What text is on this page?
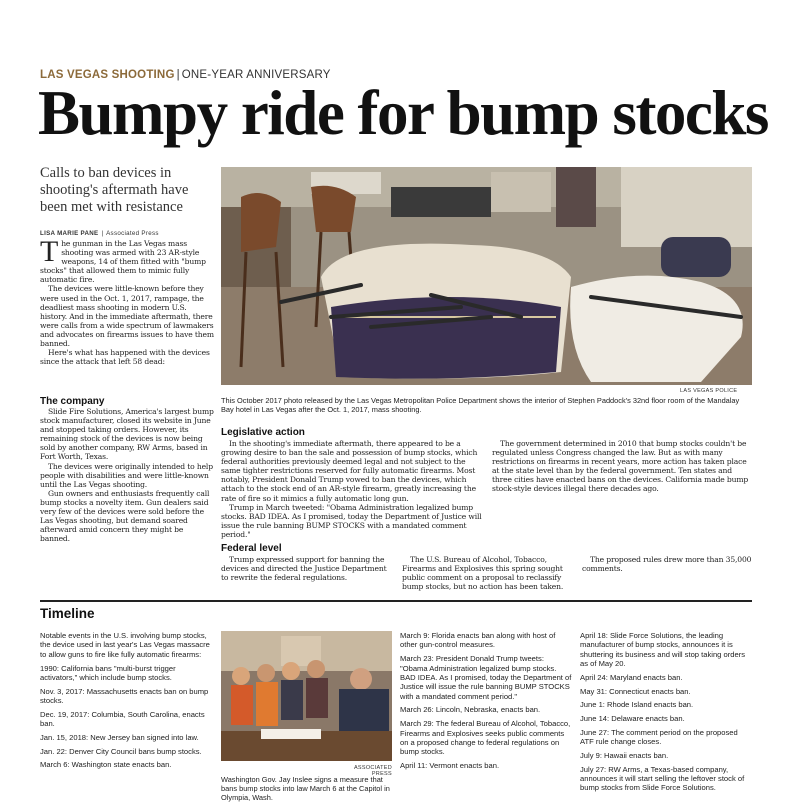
LAS VEGAS SHOOTING | ONE-YEAR ANNIVERSARY
Bumpy ride for bump stocks
Calls to ban devices in shooting's aftermath have been met with resistance
LISA MARIE PANE | Associated Press

The gunman in the Las Vegas mass shooting was armed with 23 AR-style weapons, 14 of them fitted with "bump stocks" that allowed them to mimic fully automatic fire.

The devices were little-known before they were used in the Oct. 1, 2017, rampage, the deadliest mass shooting in modern U.S. history. And in the immediate aftermath, there were calls from a wide spectrum of lawmakers and advocates on firearms issues to have them banned.

Here's what has happened with the devices since the attack that left 58 dead:

The company

Slide Fire Solutions, America's largest bump stock manufacturer, closed its website in June and stopped taking orders. However, its remaining stock of the devices is now being sold by another company, RW Arms, based in Fort Worth, Texas.

The devices were originally intended to help people with disabilities and were little-known until the Las Vegas shooting.

Gun owners and enthusiasts frequently call bump stocks a novelty item. Gun dealers said very few of the devices were sold before the Las Vegas shooting, but demand soared afterward amid concern they might be banned.

LAS VEGAS POLICE
This October 2017 photo released by the Las Vegas Metropolitan Police Department shows the interior of Stephen Paddock's 32nd floor room of the Mandalay Bay hotel in Las Vegas after the Oct. 1, 2017, mass shooting.
Legislative action

In the shooting's immediate aftermath, there appeared to be a growing desire to ban the sale and possession of bump stocks, which federal authorities previously deemed legal and not subject to the same tighter restrictions reserved for fully automatic firearms. Most notably, President Donald Trump vowed to ban the devices, which attach to the stock end of an AR-style firearm, greatly increasing the rate of fire so it mimics a fully automatic long gun.

Trump in March tweeted: "Obama Administration legalized bump stocks. BAD IDEA. As I promised, today the Department of Justice will issue the rule banning BUMP STOCKS with a mandated comment period."

The government determined in 2010 that bump stocks couldn't be regulated unless Congress changed the law. But as with many restrictions on firearms in recent years, more action has taken place at the state level than by the federal government. Ten states and three cities have enacted bans on the devices. California made bump stock-style devices illegal there decades ago.

Federal level

Trump expressed support for banning the devices and directed the Justice Department to rewrite the federal regulations.

The U.S. Bureau of Alcohol, Tobacco, Firearms and Explosives this spring sought public comment on a proposal to reclassify bump stocks, but no action has been taken.

The proposed rules drew more than 35,000 comments.

Timeline

Notable events in the U.S. involving bump stocks, the device used in last year's Las Vegas massacre to allow guns to fire like fully automatic firearms:

1990: California bans "multi-burst trigger activators," which include bump stocks.

Nov. 3, 2017: Massachusetts enacts ban on bump stocks.

Dec. 19, 2017: Columbia, South Carolina, enacts ban.

Jan. 15, 2018: New Jersey ban signed into law.

Jan. 22: Denver City Council bans bump stocks.

March 6: Washington state enacts ban.	ASSOCIATED PRESS
Washington Gov. Jay Inslee signs a measure that bans bump stocks into law March 6 at the Capitol in Olympia, Wash.

March 9: Florida enacts ban along with host of other gun-control measures.

March 23: President Donald Trump tweets: "Obama Administration legalized bump stocks. BAD IDEA. As I promised, today the Department of Justice will issue the rule banning BUMP STOCKS with a mandated comment period."

March 26: Lincoln, Nebraska, enacts ban.

March 29: The federal Bureau of Alcohol, Tobacco, Firearms and Explosives seeks public comments on a proposed change to federal regulations on bump stocks.

April 11: Vermont enacts ban.

April 18: Slide Force Solutions, the leading manufacturer of bump stocks, announces it is shuttering its business and will stop taking orders as of May 20.

April 24: Maryland enacts ban.

May 31: Connecticut enacts ban.

June 1: Rhode Island enacts ban.

June 14: Delaware enacts ban.

June 27: The comment period on the proposed ATF rule change closes.

July 9: Hawaii enacts ban.

July 27: RW Arms, a Texas-based company, announces it will start selling the leftover stock of bump stocks from Slide Force Solutions.
